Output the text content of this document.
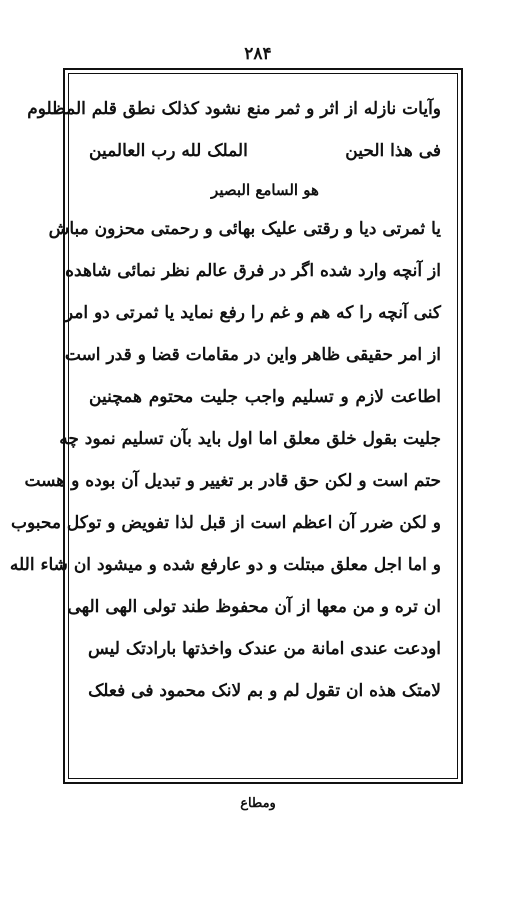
۲۸۴
وآیات نازله از اثر و ثمر منع نشود کذلک نطق قلم المظلوم
فی هذا الحین
الملک لله رب العالمین
هو السامع البصیر
یا ثمرتی دیا و رقتی علیک بهائی و رحمتی محزون مباش
از آنچه وارد شده اگر در فرق عالم نظر نمائی شاهده
کنی آنچه را که هم و غم را رفع نماید یا ثمرتی دو امر
از امر حقیقی ظاهر واین در مقامات قضا و قدر است
اطاعت لازم و تسلیم واجب جلیت محتوم همچنین
جلیت بقول خلق معلق اما اول باید بآن تسلیم نمود چه
حتم است و لکن حق قادر بر تغییر و تبدیل آن بوده و هست
و لکن ضرر آن اعظم است از قبل لذا تفویض و توکل محبوب
و اما اجل معلق مبتلت و دو عارفع شده و میشود ان شاء الله
ان تره و من معها از آن محفوظ طند تولی الهی الهی
اودعت عندی امانة من عندک واخذتها بارادتک لیس
لامتک هذه ان تقول لم و بم لانک محمود فی فعلک
ومطاع
